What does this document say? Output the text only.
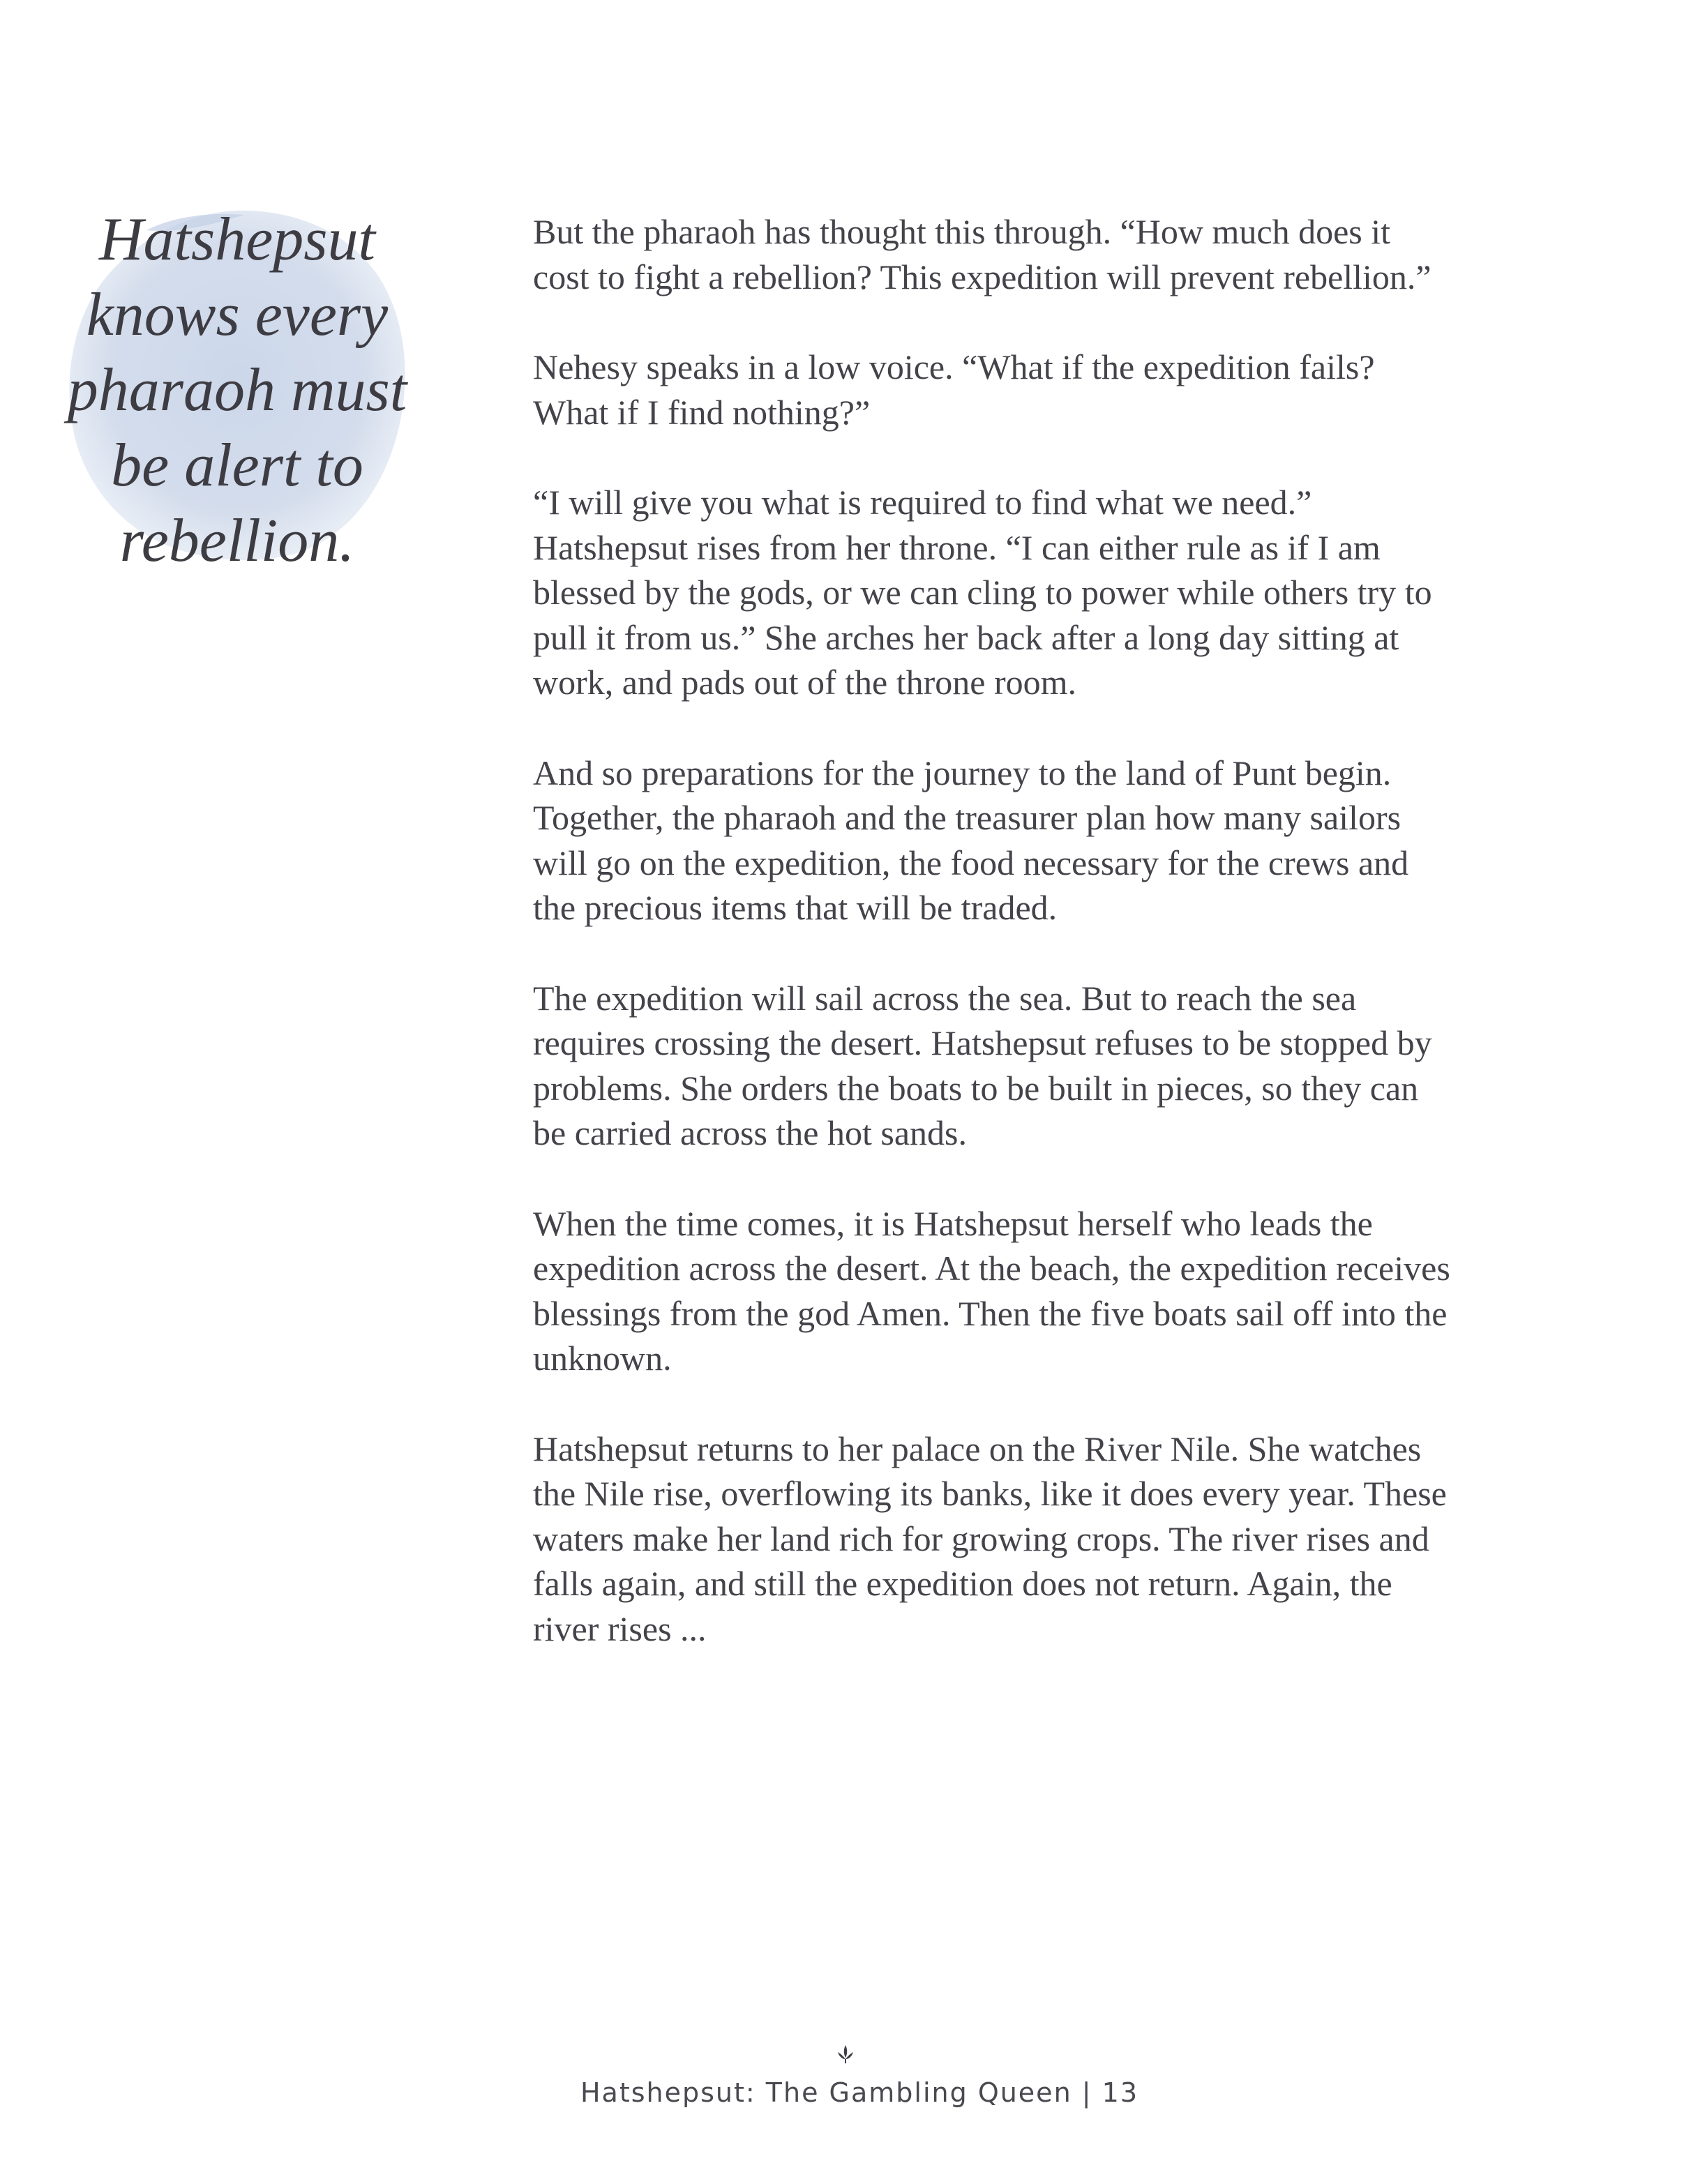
Hatshepsut
knows every
pharaoh must
be alert to
rebellion.

But the pharaoh has thought this through. “How much does it cost to fight a rebellion? This expedition will prevent rebellion.”

Nehesy speaks in a low voice. “What if the expedition fails? What if I find nothing?”

“I will give you what is required to find what we need.” Hatshepsut rises from her throne. “I can either rule as if I am blessed by the gods, or we can cling to power while others try to pull it from us.” She arches her back after a long day sitting at work, and pads out of the throne room.

And so preparations for the journey to the land of Punt begin. Together, the pharaoh and the treasurer plan how many sailors will go on the expedition, the food necessary for the crews and the precious items that will be traded.

The expedition will sail across the sea. But to reach the sea requires crossing the desert. Hatshepsut refuses to be stopped by problems. She orders the boats to be built in pieces, so they can be carried across the hot sands.

When the time comes, it is Hatshepsut herself who leads the expedition across the desert. At the beach, the expedition receives blessings from the god Amen. Then the five boats sail off into the unknown.

Hatshepsut returns to her palace on the River Nile. She watches the Nile rise, overflowing its banks, like it does every year. These waters make her land rich for growing crops. The river rises and falls again, and still the expedition does not return. Again, the river rises ...

Hatshepsut: The Gambling Queen | 13
